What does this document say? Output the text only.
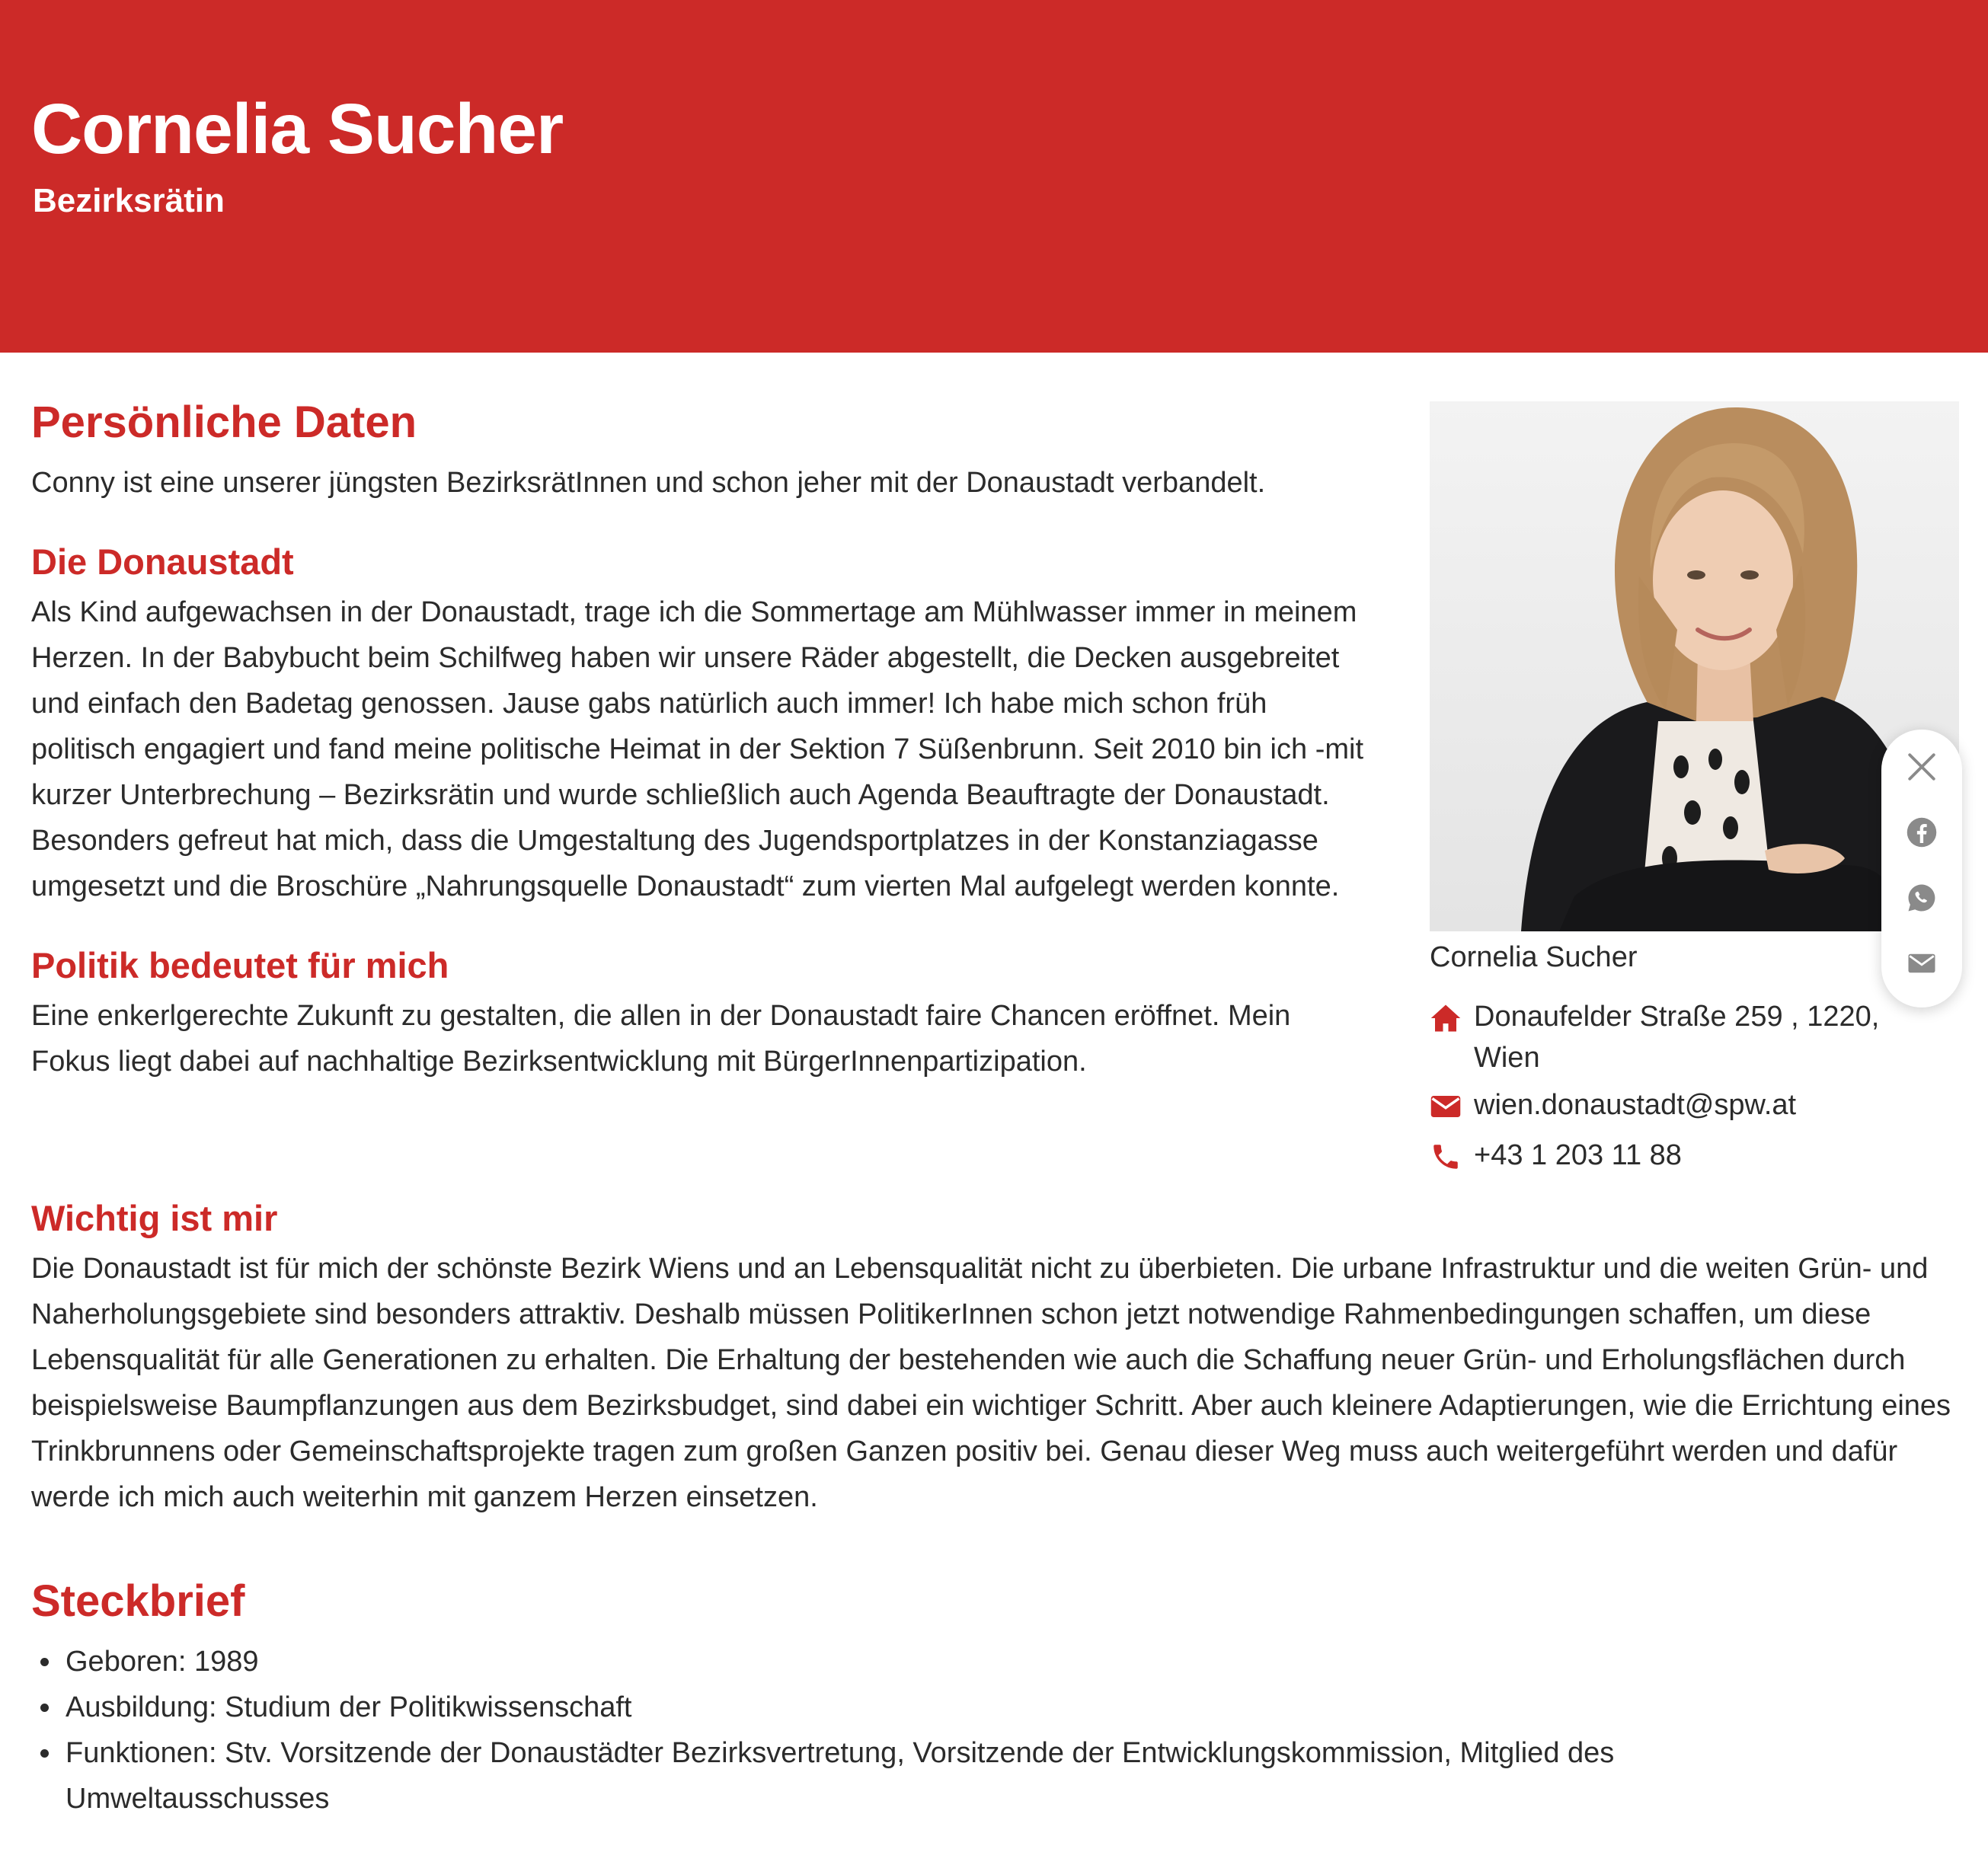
Cornelia Sucher
Bezirksrätin
Persönliche Daten

Conny ist eine unserer jüngsten BezirksrätInnen und schon jeher mit der Donaustadt verbandelt.

Die Donaustadt

Als Kind aufgewachsen in der Donaustadt, trage ich die Sommertage am Mühlwasser immer in meinem Herzen. In der Babybucht beim Schilfweg haben wir unsere Räder abgestellt, die Decken ausgebreitet und einfach den Badetag genossen. Jause gabs natürlich auch immer! Ich habe mich schon früh politisch engagiert und fand meine politische Heimat in der Sektion 7 Süßenbrunn. Seit 2010 bin ich -mit kurzer Unterbrechung – Bezirksrätin und wurde schließlich auch Agenda Beauftragte der Donaustadt. Besonders gefreut hat mich, dass die Umgestaltung des Jugendsportplatzes in der Konstanziagasse umgesetzt und die Broschüre „Nahrungsquelle Donaustadt“ zum vierten Mal aufgelegt werden konnte.

Politik bedeutet für mich

Eine enkerlgerechte Zukunft zu gestalten, die allen in der Donaustadt faire Chancen eröffnet. Mein Fokus liegt dabei auf nachhaltige Bezirksentwicklung mit BürgerInnenpartizipation.

Wichtig ist mir

Die Donaustadt ist für mich der schönste Bezirk Wiens und an Lebensqualität nicht zu überbieten. Die urbane Infrastruktur und die weiten Grün- und Naherholungsgebiete sind besonders attraktiv. Deshalb müssen PolitikerInnen schon jetzt notwendige Rahmenbedingungen schaffen, um diese Lebensqualität für alle Generationen zu erhalten. Die Erhaltung der bestehenden wie auch die Schaffung neuer Grün- und Erholungsflächen durch beispielsweise Baumpflanzungen aus dem Bezirksbudget, sind dabei ein wichtiger Schritt. Aber auch kleinere Adaptierungen, wie die Errichtung eines Trinkbrunnens oder Gemeinschaftsprojekte tragen zum großen Ganzen positiv bei. Genau dieser Weg muss auch weitergeführt werden und dafür werde ich mich auch weiterhin mit ganzem Herzen einsetzen.

Steckbrief
Geboren: 1989
Ausbildung: Studium der Politikwissenschaft
Funktionen: Stv. Vorsitzende der Donaustädter Bezirksvertretung, Vorsitzende der Entwicklungskommission, Mitglied des Umweltausschusses
Cornelia Sucher
Donaufelder Straße 259 , 1220, Wien
wien.donaustadt@spw.at
+43 1 203 11 88
